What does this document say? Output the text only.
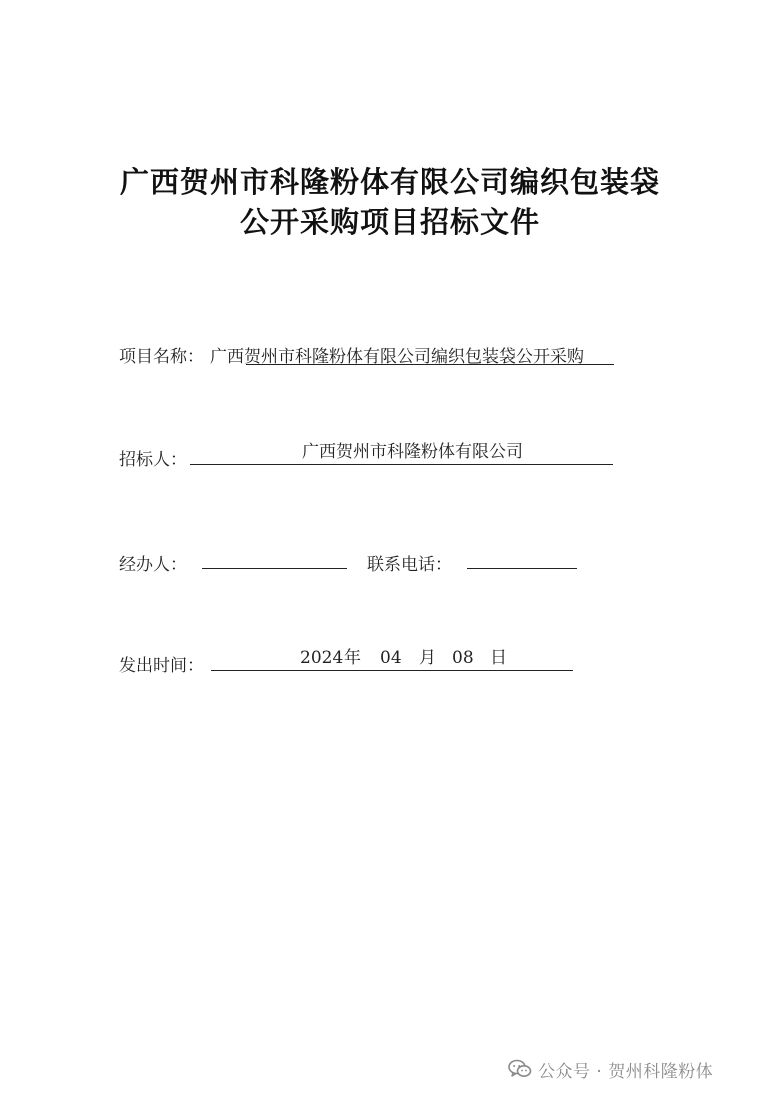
广西贺州市科隆粉体有限公司编织包装袋
公开采购项目招标文件
项目名称： 广西贺州市科隆粉体有限公司编织包装袋公开采购
招标人：	广西贺州市科隆粉体有限公司
经办人：	联系电话：
发出时间：	2024 年 04 月 08 日
公众号 · 贺州科隆粉体
